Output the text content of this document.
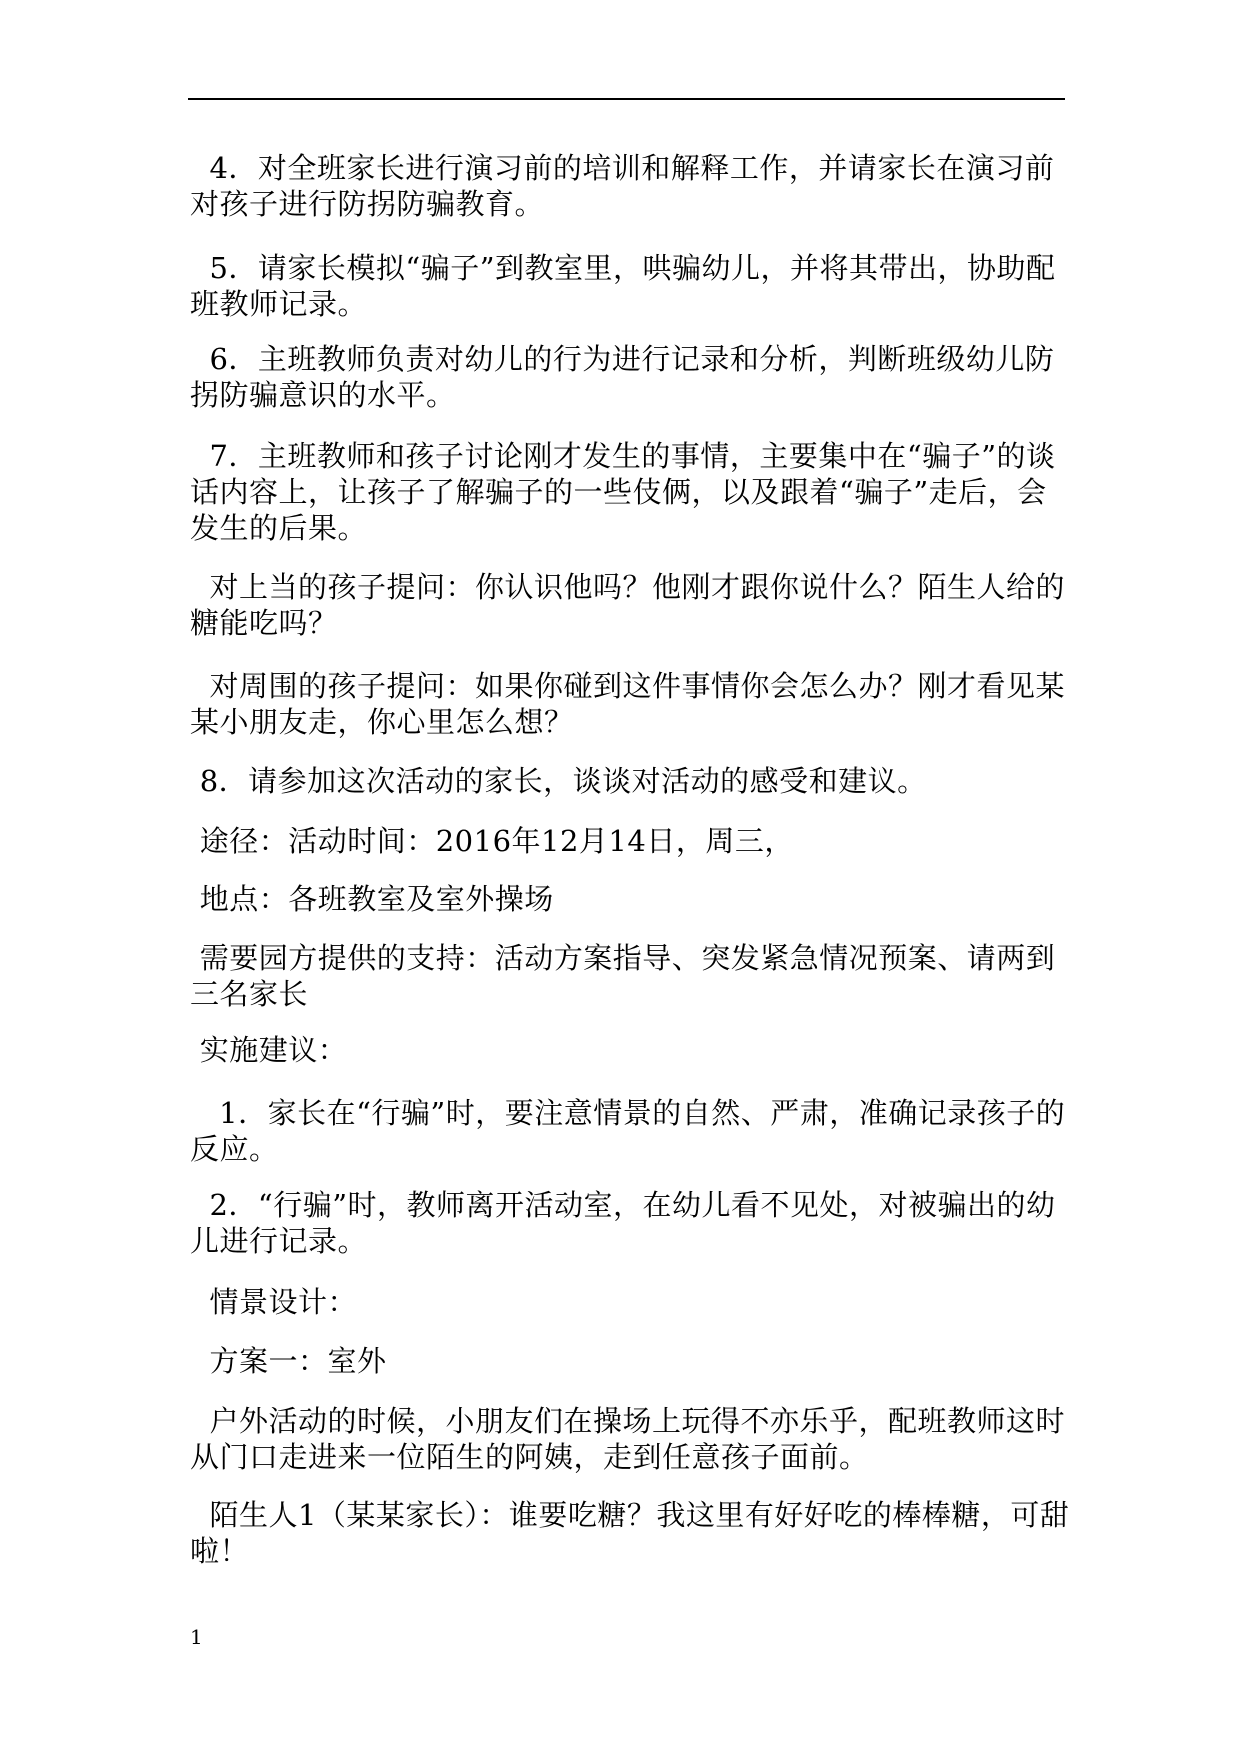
4．对全班家长进行演习前的培训和解释工作，并请家长在演习前对孩子进行防拐防骗教育。
5．请家长模拟“骗子”到教室里，哄骗幼儿，并将其带出，协助配班教师记录。
6．主班教师负责对幼儿的行为进行记录和分析，判断班级幼儿防拐防骗意识的水平。
7．主班教师和孩子讨论刚才发生的事情，主要集中在“骗子”的谈话内容上，让孩子了解骗子的一些伎俩，以及跟着“骗子”走后，会发生的后果。
对上当的孩子提问：你认识他吗？他刚才跟你说什么？陌生人给的糖能吃吗？
对周围的孩子提问：如果你碰到这件事情你会怎么办？刚才看见某某小朋友走，你心里怎么想？
8．请参加这次活动的家长，谈谈对活动的感受和建议。
途径：活动时间：2016年12月14日，周三，
地点：各班教室及室外操场
需要园方提供的支持：活动方案指导、突发紧急情况预案、请两到三名家长
实施建议：
1．家长在“行骗”时，要注意情景的自然、严肃，准确记录孩子的反应。
2．“行骗”时，教师离开活动室，在幼儿看不见处，对被骗出的幼儿进行记录。
情景设计：
方案一：室外
户外活动的时候，小朋友们在操场上玩得不亦乐乎，配班教师这时从门口走进来一位陌生的阿姨，走到任意孩子面前。
陌生人1（某某家长）：谁要吃糖？我这里有好好吃的棒棒糖，可甜啦！
1
